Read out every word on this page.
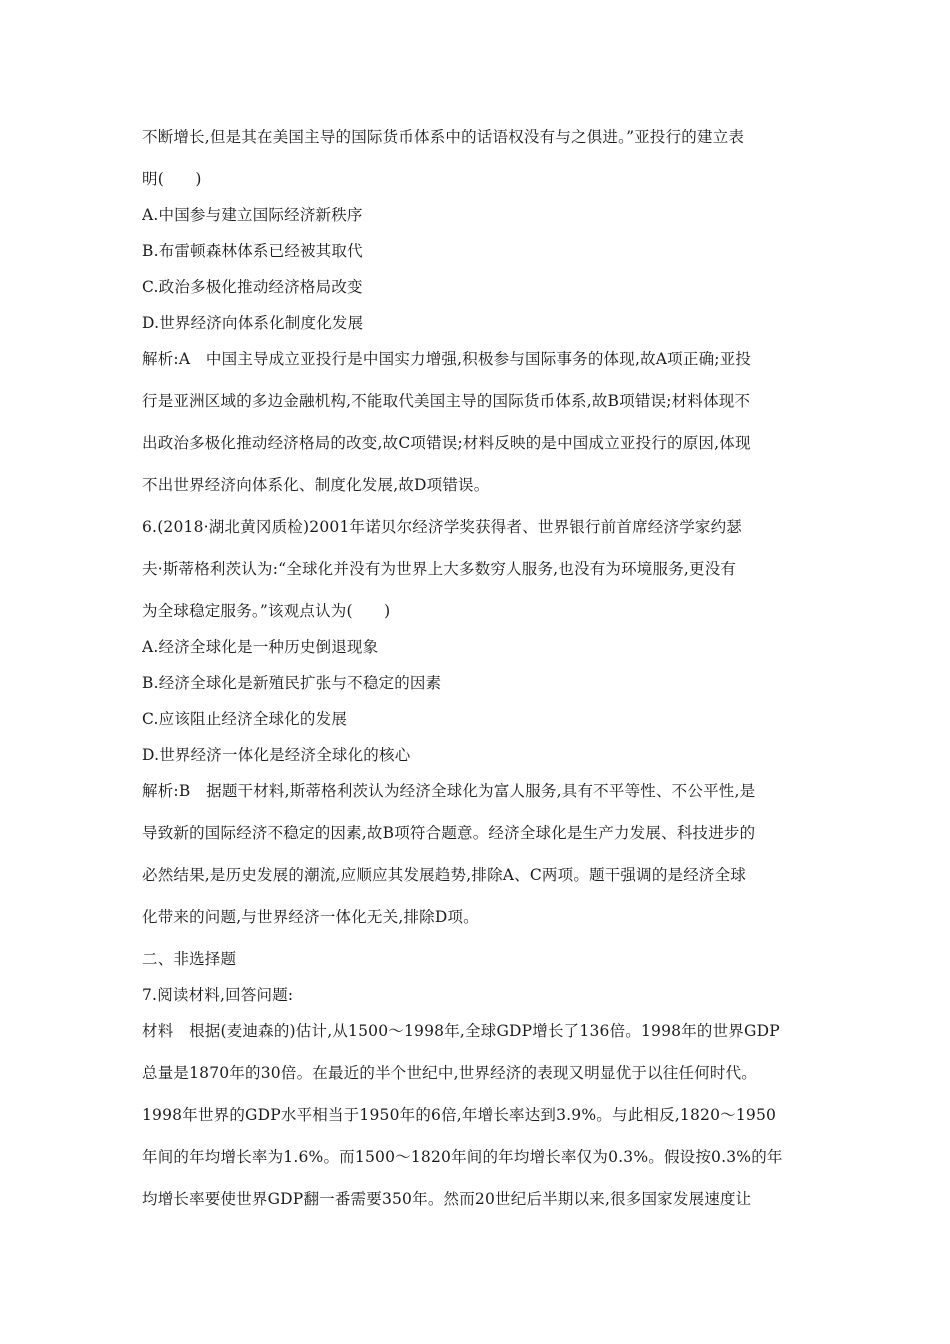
不断增长,但是其在美国主导的国际货币体系中的话语权没有与之俱进。”亚投行的建立表
明(　　)
A.中国参与建立国际经济新秩序
B.布雷顿森林体系已经被其取代
C.政治多极化推动经济格局改变
D.世界经济向体系化制度化发展
解析:A　中国主导成立亚投行是中国实力增强,积极参与国际事务的体现,故A项正确;亚投
行是亚洲区域的多边金融机构,不能取代美国主导的国际货币体系,故B项错误;材料体现不
出政治多极化推动经济格局的改变,故C项错误;材料反映的是中国成立亚投行的原因,体现
不出世界经济向体系化、制度化发展,故D项错误。
6.(2018·湖北黄冈质检)2001年诺贝尔经济学奖获得者、世界银行前首席经济学家约瑟
夫·斯蒂格利茨认为:“全球化并没有为世界上大多数穷人服务,也没有为环境服务,更没有
为全球稳定服务。”该观点认为(　　)
A.经济全球化是一种历史倒退现象
B.经济全球化是新殖民扩张与不稳定的因素
C.应该阻止经济全球化的发展
D.世界经济一体化是经济全球化的核心
解析:B　据题干材料,斯蒂格利茨认为经济全球化为富人服务,具有不平等性、不公平性,是
导致新的国际经济不稳定的因素,故B项符合题意。经济全球化是生产力发展、科技进步的
必然结果,是历史发展的潮流,应顺应其发展趋势,排除A、C两项。题干强调的是经济全球
化带来的问题,与世界经济一体化无关,排除D项。
二、非选择题
7.阅读材料,回答问题:
材料　根据(麦迪森的)估计,从1500～1998年,全球GDP增长了136倍。1998年的世界GDP
总量是1870年的30倍。在最近的半个世纪中,世界经济的表现又明显优于以往任何时代。
1998年世界的GDP水平相当于1950年的6倍,年增长率达到3.9%。与此相反,1820～1950
年间的年均增长率为1.6%。而1500～1820年间的年均增长率仅为0.3%。假设按0.3%的年
均增长率要使世界GDP翻一番需要350年。然而20世纪后半期以来,很多国家发展速度让
